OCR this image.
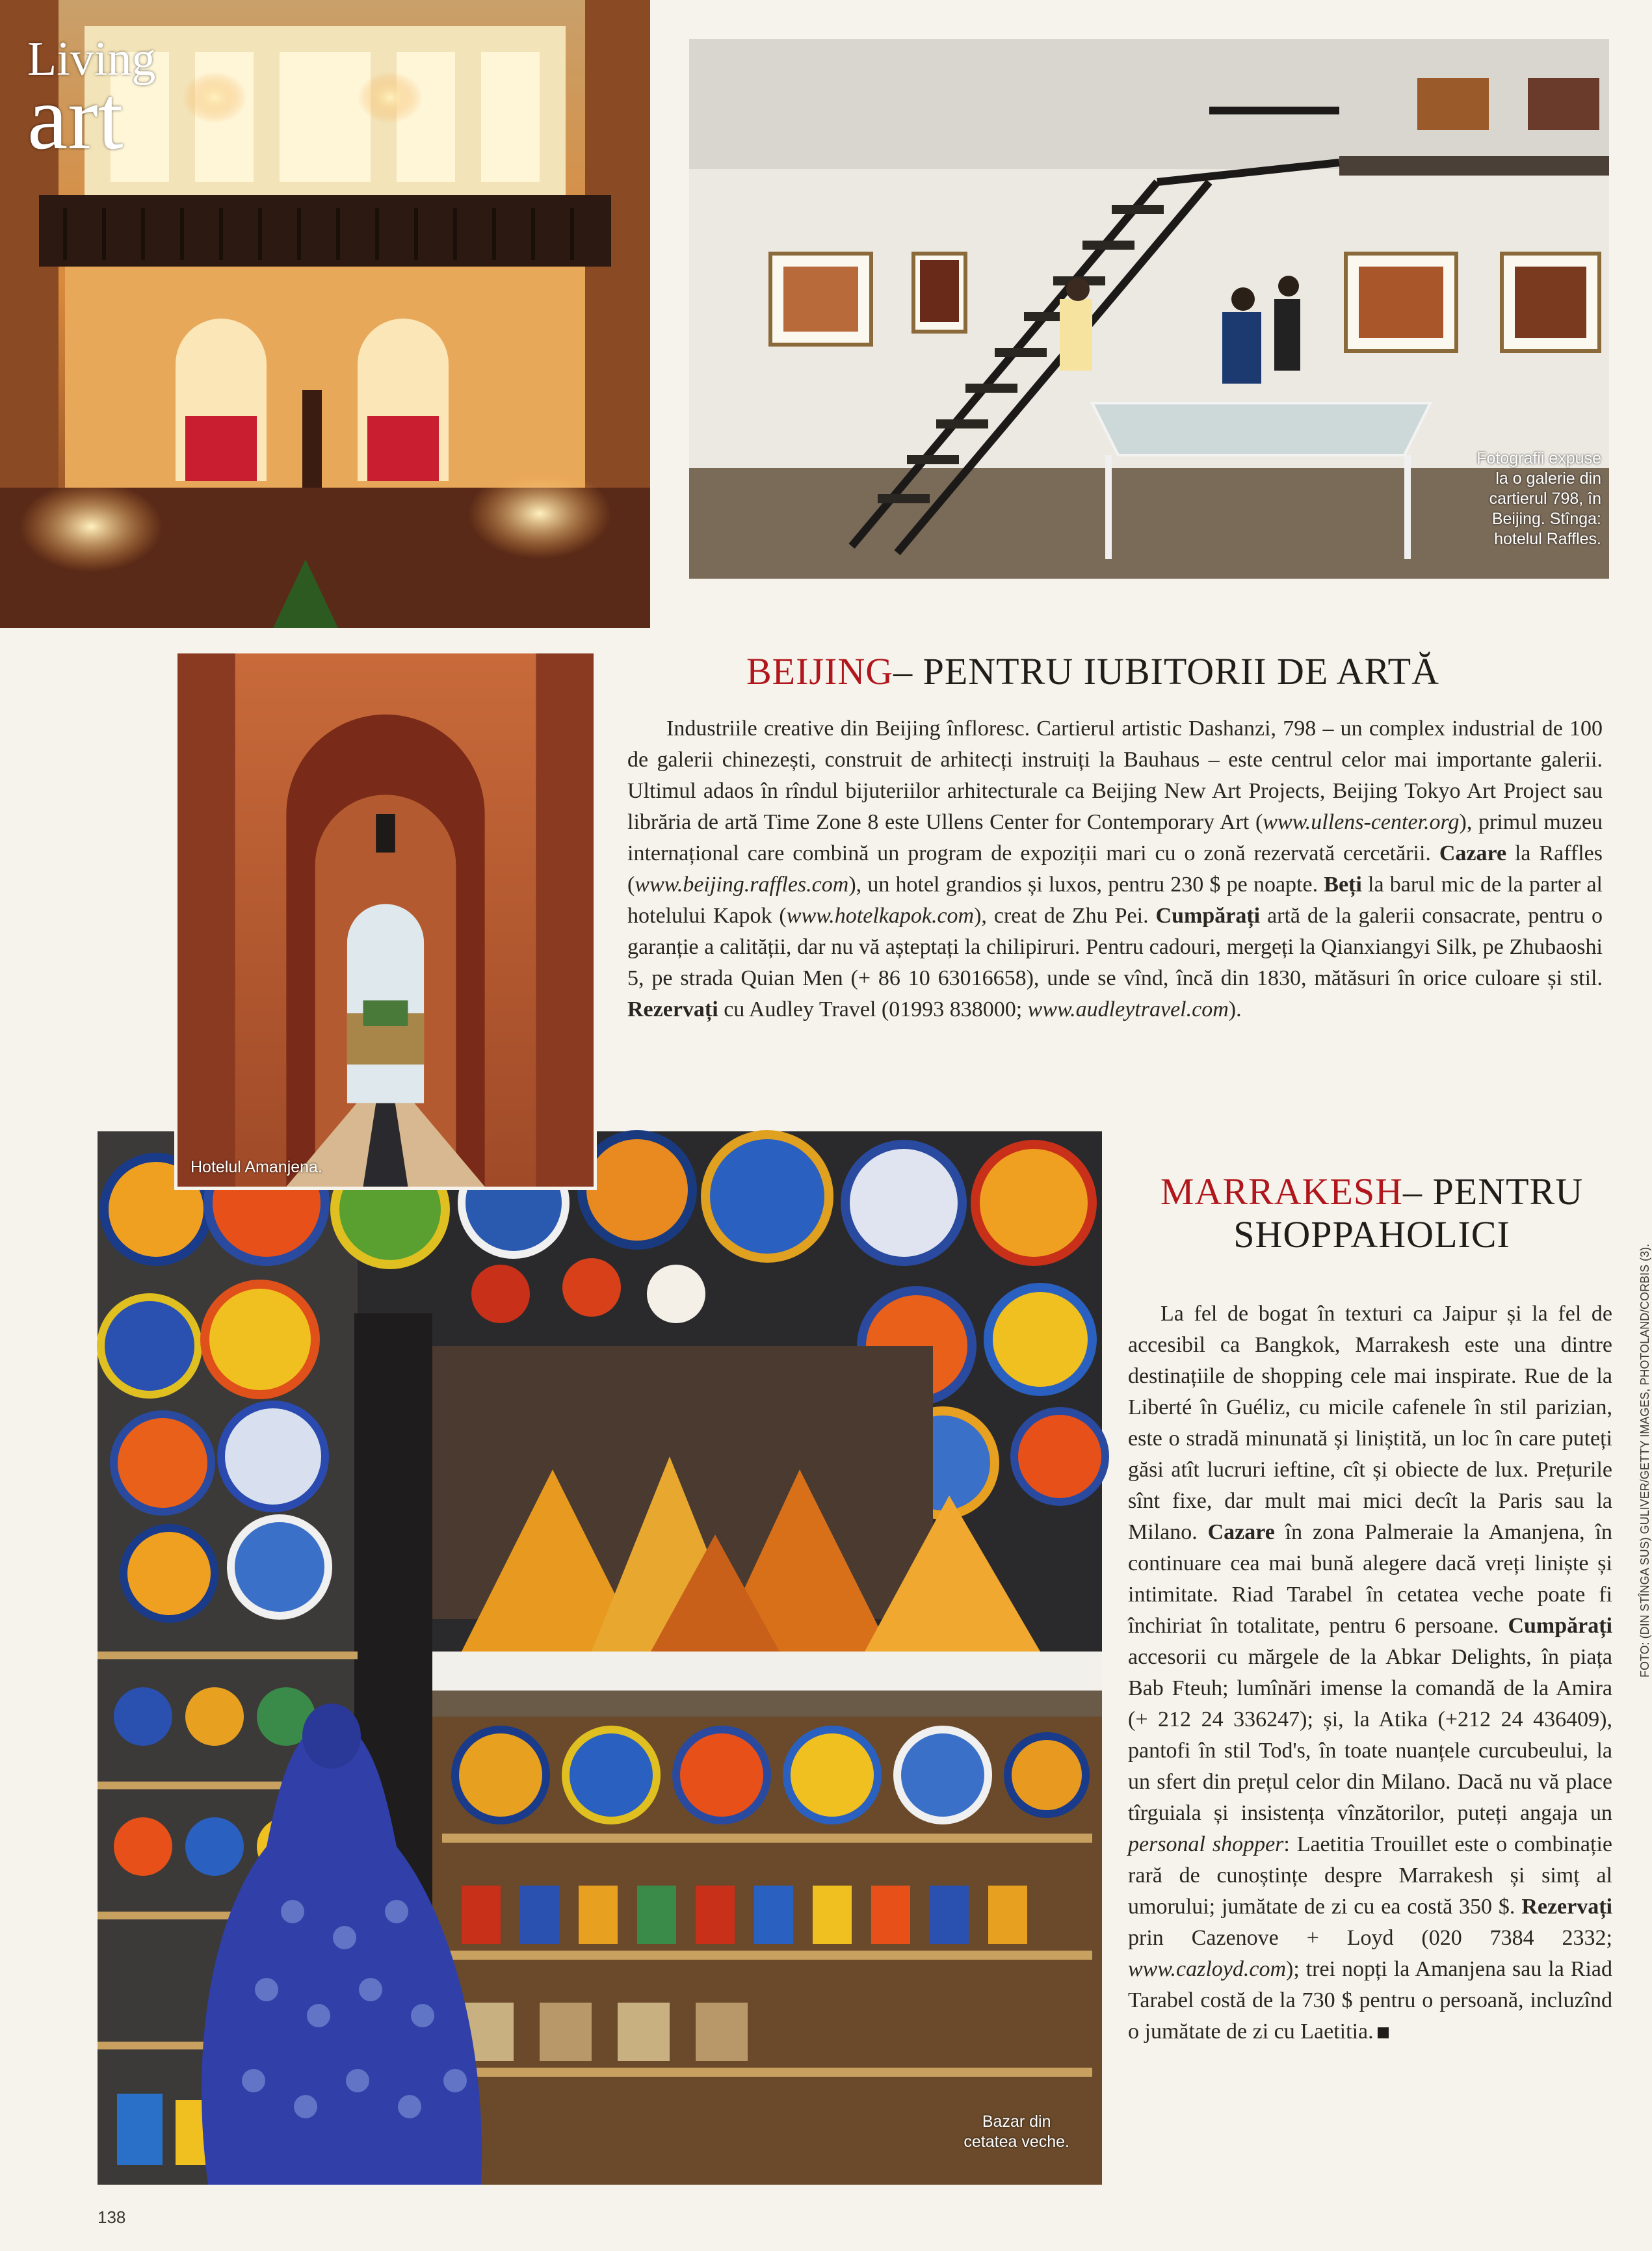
Living
art
Fotografii expuse
la o galerie din
cartierul 798, în
Beijing. Stînga:
hotelul Raffles.
BEIJING– PENTRU IUBITORII DE ARTĂ

Industriile creative din Beijing înfloresc. Cartierul artistic Dashanzi, 798 – un complex industrial de 100 de galerii chinezești, construit de arhitecți instruiți la Bauhaus – este centrul celor mai importante galerii. Ultimul adaos în rîndul bijuteriilor arhitecturale ca Beijing New Art Projects, Beijing Tokyo Art Project sau librăria de artă Time Zone 8 este Ullens Center for Contemporary Art (www.ullens-center.org), primul muzeu internațional care combină un program de expoziții mari cu o zonă rezervată cercetării. Cazare la Raffles (www.beijing.raffles.com), un hotel grandios și luxos, pentru 230 $ pe noapte. Beți la barul mic de la parter al hotelului Kapok (www.hotelkapok.com), creat de Zhu Pei. Cumpărați artă de la galerii consacrate, pentru o garanție a calității, dar nu vă așteptați la chilipiruri. Pentru cadouri, mergeți la Qianxiangyi Silk, pe Zhubaoshi 5, pe strada Quian Men (+ 86 10 63016658), unde se vînd, încă din 1830, mătăsuri în orice culoare și stil. Rezervați cu Audley Travel (01993 838000; www.audleytravel.com).

Hotelul Amanjena.
Bazar din
cetatea veche.
MARRAKESH– PENTRU
SHOPPAHOLICI

La fel de bogat în texturi ca Jaipur și la fel de accesibil ca Bangkok, Marrakesh este una dintre destinațiile de shopping cele mai inspirate. Rue de la Liberté în Guéliz, cu micile cafenele în stil parizian, este o stradă minunată și liniștită, un loc în care puteți găsi atît lucruri ieftine, cît și obiecte de lux. Prețurile sînt fixe, dar mult mai mici decît la Paris sau la Milano. Cazare în zona Palmeraie la Amanjena, în continuare cea mai bună alegere dacă vreți liniște și intimitate. Riad Tarabel în cetatea veche poate fi închiriat în totalitate, pentru 6 persoane. Cumpărați accesorii cu mărgele de la Abkar Delights, în piața Bab Fteuh; lumînări imense la comandă de la Amira (+ 212 24 336247); și, la Atika (+212 24 436409), pantofi în stil Tod's, în toate nuanțele curcubeului, la un sfert din prețul celor din Milano. Dacă nu vă place tîrguiala și insistența vînzătorilor, puteți angaja un personal shopper: Laetitia Trouillet este o combinație rară de cunoștințe despre Marrakesh și simț al umorului; jumătate de zi cu ea costă 350 $. Rezervați prin Cazenove + Loyd (020 7384 2332; www.cazloyd.com); trei nopți la Amanjena sau la Riad Tarabel costă de la 730 $ pentru o persoană, incluzînd o jumătate de zi cu Laetitia.

FOTO: (DIN STÎNGA SUS) GULIVER/GETTY IMAGES, PHOTOLAND/CORBIS (3).
138
